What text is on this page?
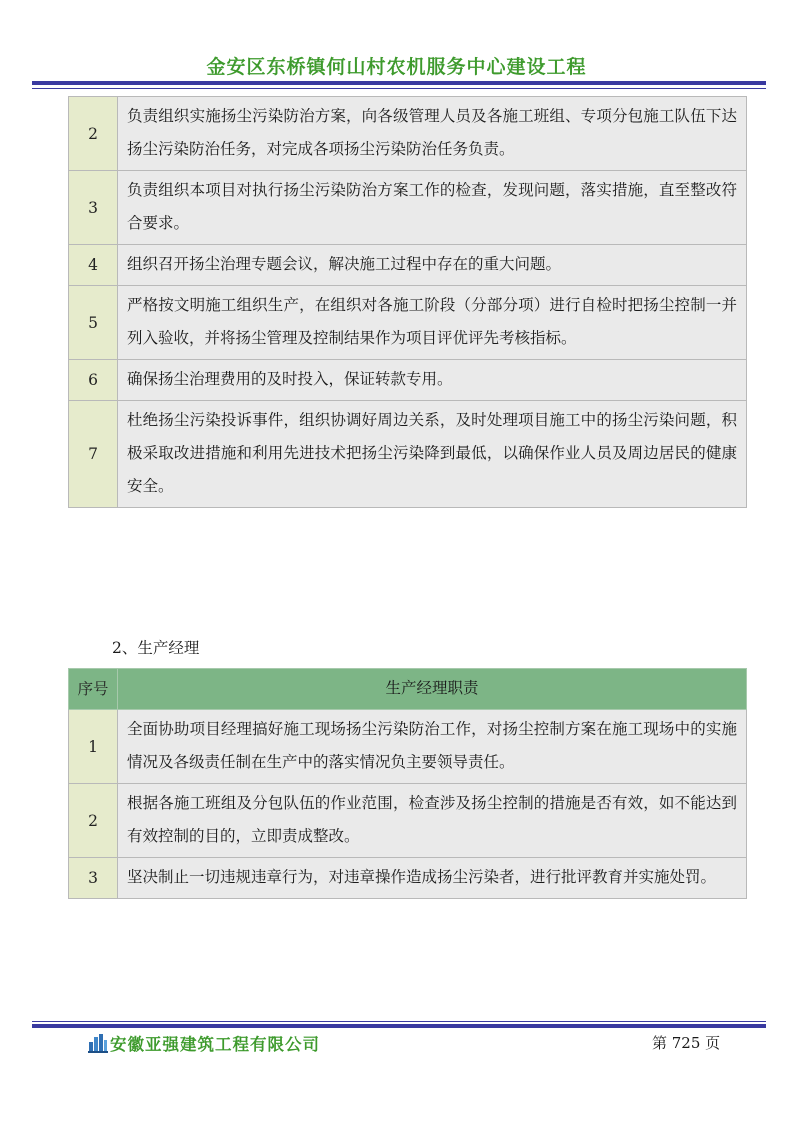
金安区东桥镇何山村农机服务中心建设工程
2	负责组织实施扬尘污染防治方案，向各级管理人员及各施工班组、专项分包施工队伍下达扬尘污染防治任务，对完成各项扬尘污染防治任务负责。
3	负责组织本项目对执行扬尘污染防治方案工作的检查，发现问题，落实措施，直至整改符合要求。
4	组织召开扬尘治理专题会议，解决施工过程中存在的重大问题。
5	严格按文明施工组织生产，在组织对各施工阶段（分部分项）进行自检时把扬尘控制一并列入验收，并将扬尘管理及控制结果作为项目评优评先考核指标。
6	确保扬尘治理费用的及时投入，保证转款专用。
7	杜绝扬尘污染投诉事件，组织协调好周边关系，及时处理项目施工中的扬尘污染问题，积极采取改进措施和利用先进技术把扬尘污染降到最低，以确保作业人员及周边居民的健康安全。
2、生产经理
序号	生产经理职责
1	全面协助项目经理搞好施工现场扬尘污染防治工作，对扬尘控制方案在施工现场中的实施情况及各级责任制在生产中的落实情况负主要领导责任。
2	根据各施工班组及分包队伍的作业范围，检查涉及扬尘控制的措施是否有效，如不能达到有效控制的目的，立即责成整改。
3	坚决制止一切违规违章行为，对违章操作造成扬尘污染者，进行批评教育并实施处罚。
安徽亚强建筑工程有限公司	第 725 页
